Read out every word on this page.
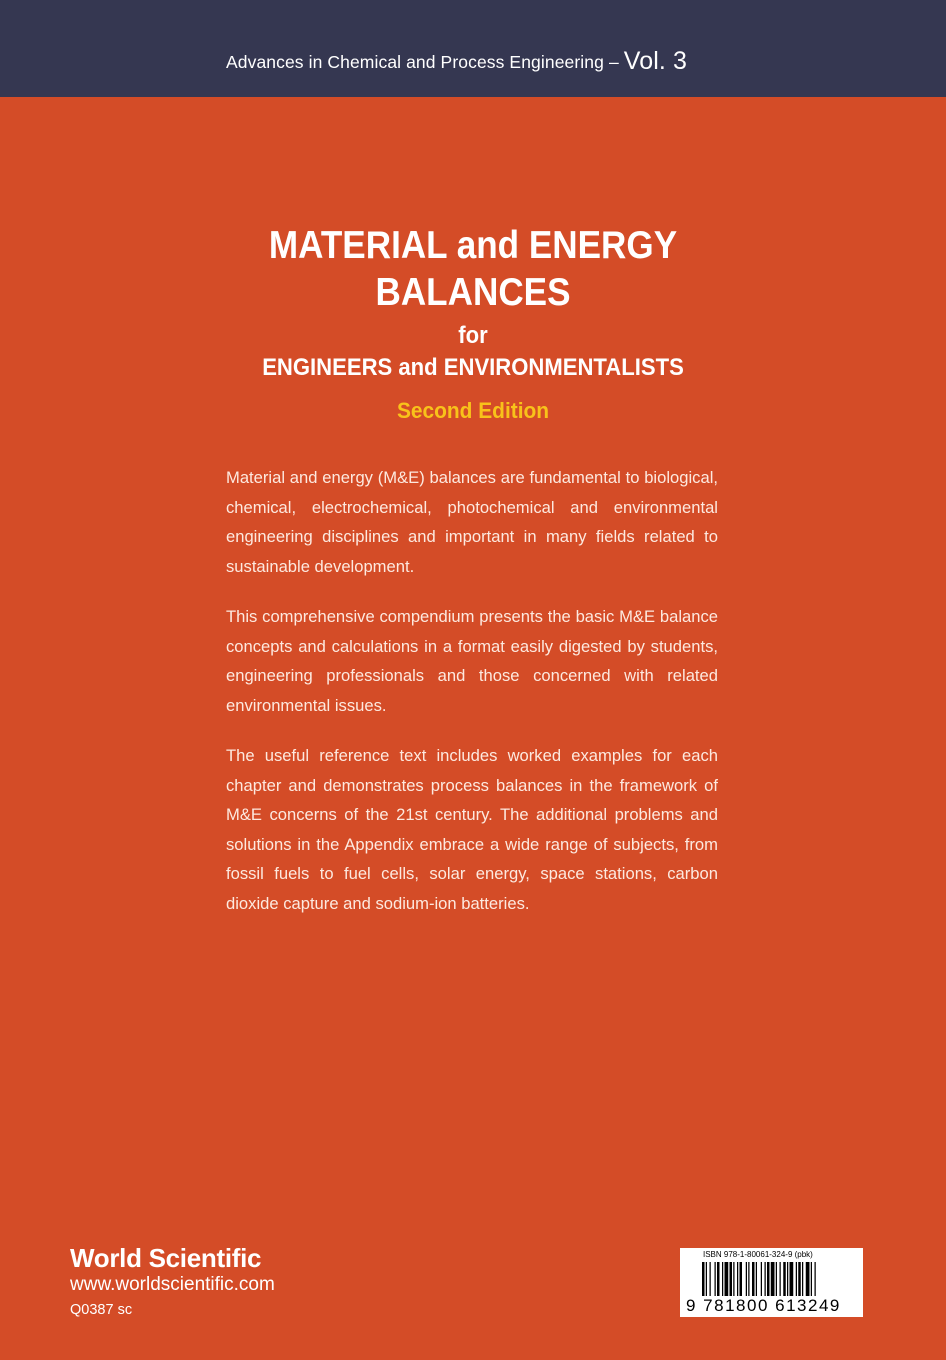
Advances in Chemical and Process Engineering – Vol. 3
MATERIAL and ENERGY
BALANCES
for
ENGINEERS and ENVIRONMENTALISTS
Second Edition

Material and energy (M&E) balances are fundamental to biological, chemical, electrochemical, photochemical and environmental engineering disciplines and important in many fields related to sustainable development.

This comprehensive compendium presents the basic M&E balance concepts and calculations in a format easily digested by students, engineering professionals and those concerned with related environmental issues.

The useful reference text includes worked examples for each chapter and demonstrates process balances in the framework of M&E concerns of the 21st century. The additional problems and solutions in the Appendix embrace a wide range of subjects, from fossil fuels to fuel cells, solar energy, space stations, carbon dioxide capture and sodium-ion batteries.

World Scientific
www.worldscientific.com
Q0387 sc
ISBN 978-1-80061-324-9 (pbk)
9 781800 613249
